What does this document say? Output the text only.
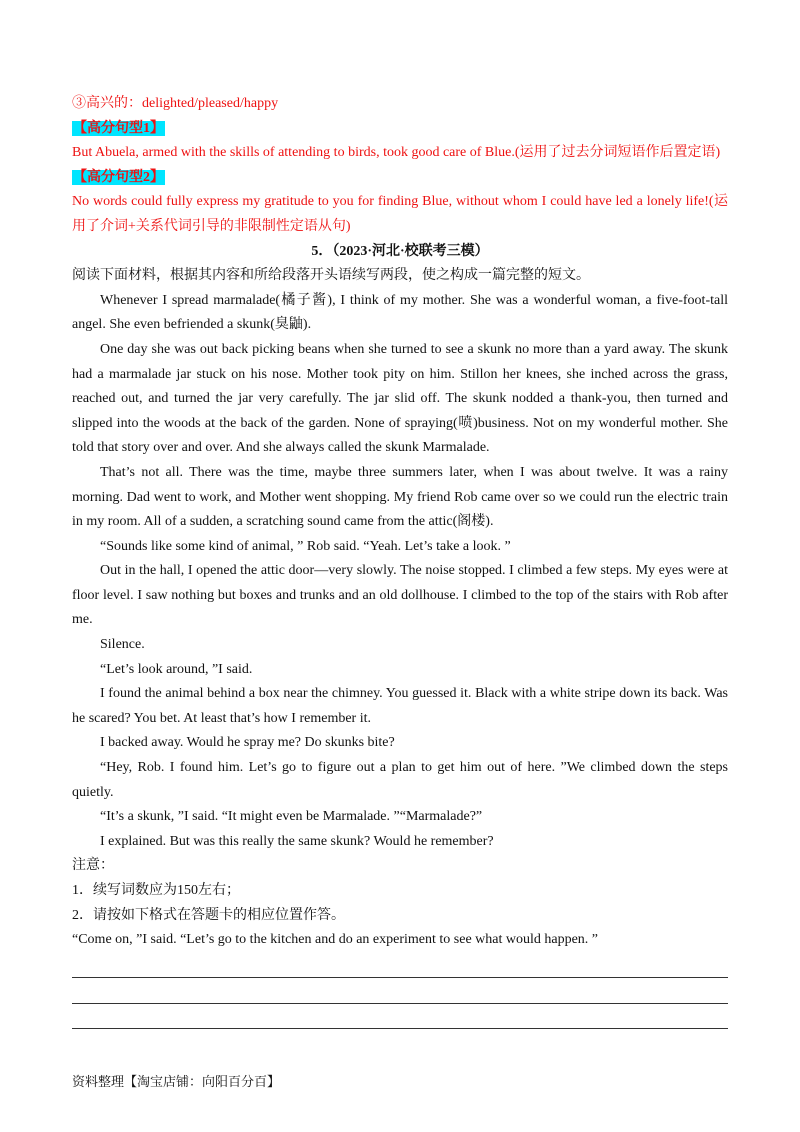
③高兴的：delighted/pleased/happy

【高分句型1】

But Abuela, armed with the skills of attending to birds, took good care of Blue.(运用了过去分词短语作后置定语)

【高分句型2】

No words could fully express my gratitude to you for finding Blue, without whom I could have led a lonely life!(运用了介词+关系代词引导的非限制性定语从句)

5．（2023·河北·校联考三模）

阅读下面材料，根据其内容和所给段落开头语续写两段，使之构成一篇完整的短文。

Whenever I spread marmalade(橘子酱), I think of my mother. She was a wonderful woman, a five-foot-tall angel. She even befriended a skunk(臭鼬).

One day she was out back picking beans when she turned to see a skunk no more than a yard away. The skunk had a marmalade jar stuck on his nose. Mother took pity on him. Stillon her knees, she inched across the grass, reached out, and turned the jar very carefully. The jar slid off. The skunk nodded a thank-you, then turned and slipped into the woods at the back of the garden. None of spraying(喷)business. Not on my wonderful mother. She told that story over and over. And she always called the skunk Marmalade.

That’s not all. There was the time, maybe three summers later, when I was about twelve. It was a rainy morning. Dad went to work, and Mother went shopping. My friend Rob came over so we could run the electric train in my room. All of a sudden, a scratching sound came from the attic(阁楼).

“Sounds like some kind of animal, ” Rob said. “Yeah. Let’s take a look. ”

Out in the hall, I opened the attic door—very slowly. The noise stopped. I climbed a few steps. My eyes were at floor level. I saw nothing but boxes and trunks and an old dollhouse. I climbed to the top of the stairs with Rob after me.

Silence.

“Let’s look around, ”I said.

I found the animal behind a box near the chimney. You guessed it. Black with a white stripe down its back. Was he scared? You bet. At least that’s how I remember it.

I backed away. Would he spray me? Do skunks bite?

“Hey, Rob. I found him. Let’s go to figure out a plan to get him out of here. ”We climbed down the steps quietly.

“It’s a skunk, ”I said. “It might even be Marmalade. ”“Marmalade?”

I explained. But was this really the same skunk? Would he remember?

注意：

1．续写词数应为150左右；

2．请按如下格式在答题卡的相应位置作答。

“Come on, ”I said. “Let’s go to the kitchen and do an experiment to see what would happen. ”

资料整理【淘宝店铺：向阳百分百】
